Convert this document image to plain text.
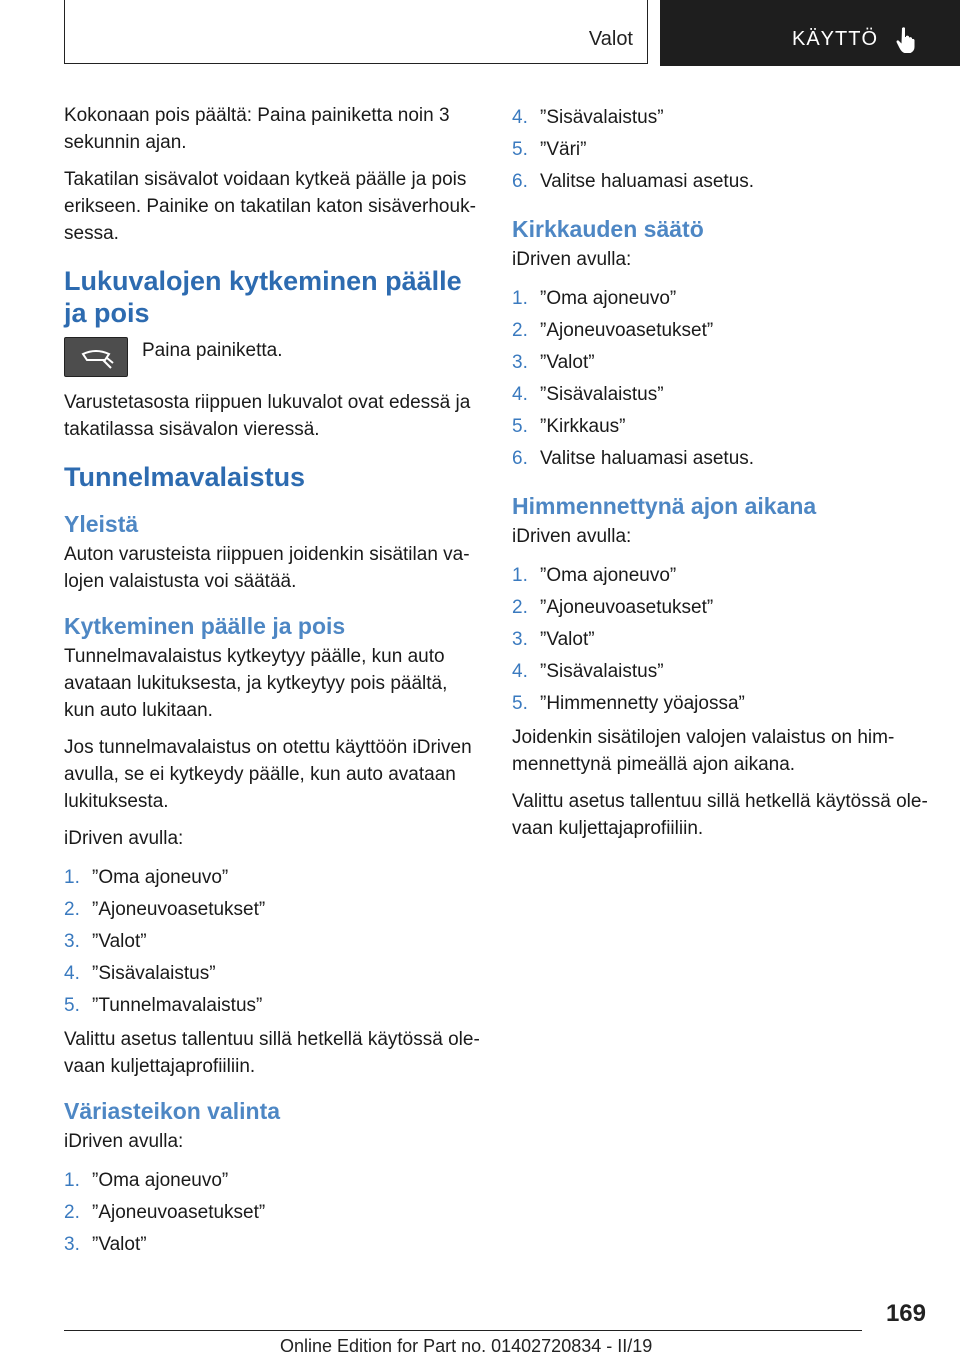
Valot	KÄYTTÖ

Kokonaan pois päältä: Paina painiketta noin 3 sekunnin ajan.

Takatilan sisävalot voidaan kytkeä päälle ja pois erikseen. Painike on takatilan katon sisäverhouksessa.

Lukuvalojen kytkeminen päälle ja pois

Paina painiketta.

Varustetasosta riippuen lukuvalot ovat edessä ja takatilassa sisävalon vieressä.

Tunnelmavalaistus
Yleistä

Auton varusteista riippuen joidenkin sisätilan valojen valaistusta voi säätää.

Kytkeminen päälle ja pois

Tunnelmavalaistus kytkeytyy päälle, kun auto avataan lukituksesta, ja kytkeytyy pois päältä, kun auto lukitaan.

Jos tunnelmavalaistus on otettu käyttöön iDriven avulla, se ei kytkeydy päälle, kun auto avataan lukituksesta.

iDriven avulla:

1. ”Oma ajoneuvo”
2. ”Ajoneuvoasetukset”
3. ”Valot”
4. ”Sisävalaistus”
5. ”Tunnelmavalaistus”

Valittu asetus tallentuu sillä hetkellä käytössä olevaan kuljettajaprofiiliin.

Väriasteikon valinta

iDriven avulla:

1. ”Oma ajoneuvo”
2. ”Ajoneuvoasetukset”
3. ”Valot”
4. ”Sisävalaistus”
5. ”Väri”
6. Valitse haluamasi asetus.
Kirkkauden säätö

iDriven avulla:

1. ”Oma ajoneuvo”
2. ”Ajoneuvoasetukset”
3. ”Valot”
4. ”Sisävalaistus”
5. ”Kirkkaus”
6. Valitse haluamasi asetus.
Himmennettynä ajon aikana

iDriven avulla:

1. ”Oma ajoneuvo”
2. ”Ajoneuvoasetukset”
3. ”Valot”
4. ”Sisävalaistus”
5. ”Himmennetty yöajossa”

Joidenkin sisätilojen valojen valaistus on himmennettynä pimeällä ajon aikana.

Valittu asetus tallentuu sillä hetkellä käytössä olevaan kuljettajaprofiiliin.

169
Online Edition for Part no. 01402720834 - II/19
